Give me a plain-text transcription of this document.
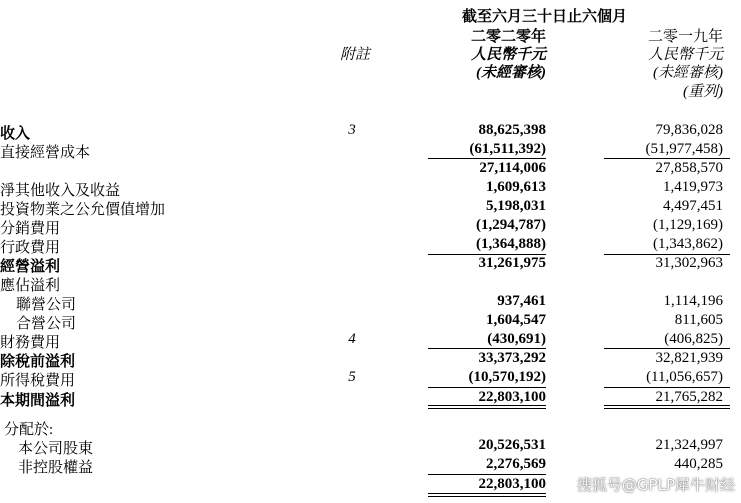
截至六月三十日止六個月
附註
二零二零年
人民幣千元
(未經審核)
二零一九年
人民幣千元
(未經審核)
(重列)
收入	3	88,625,398	79,836,028
直接經營成本	(61,511,392)	(51,977,458)
27,114,006	27,858,570
淨其他收入及收益	1,609,613	1,419,973
投資物業之公允價值增加	5,198,031	4,497,451
分銷費用	(1,294,787)	(1,129,169)
行政費用	(1,364,888)	(1,343,862)
經營溢利	31,261,975	31,302,963
應佔溢利
聯營公司	937,461	1,114,196
合營公司	1,604,547	811,605
財務費用	4	(430,691)	(406,825)
除稅前溢利	33,373,292	32,821,939
所得稅費用	5	(10,570,192)	(11,056,657)
本期間溢利	22,803,100	21,765,282
分配於:
本公司股東	20,526,531	21,324,997
非控股權益	2,276,569	440,285
22,803,100 搜狐号@GPLP犀牛财经
